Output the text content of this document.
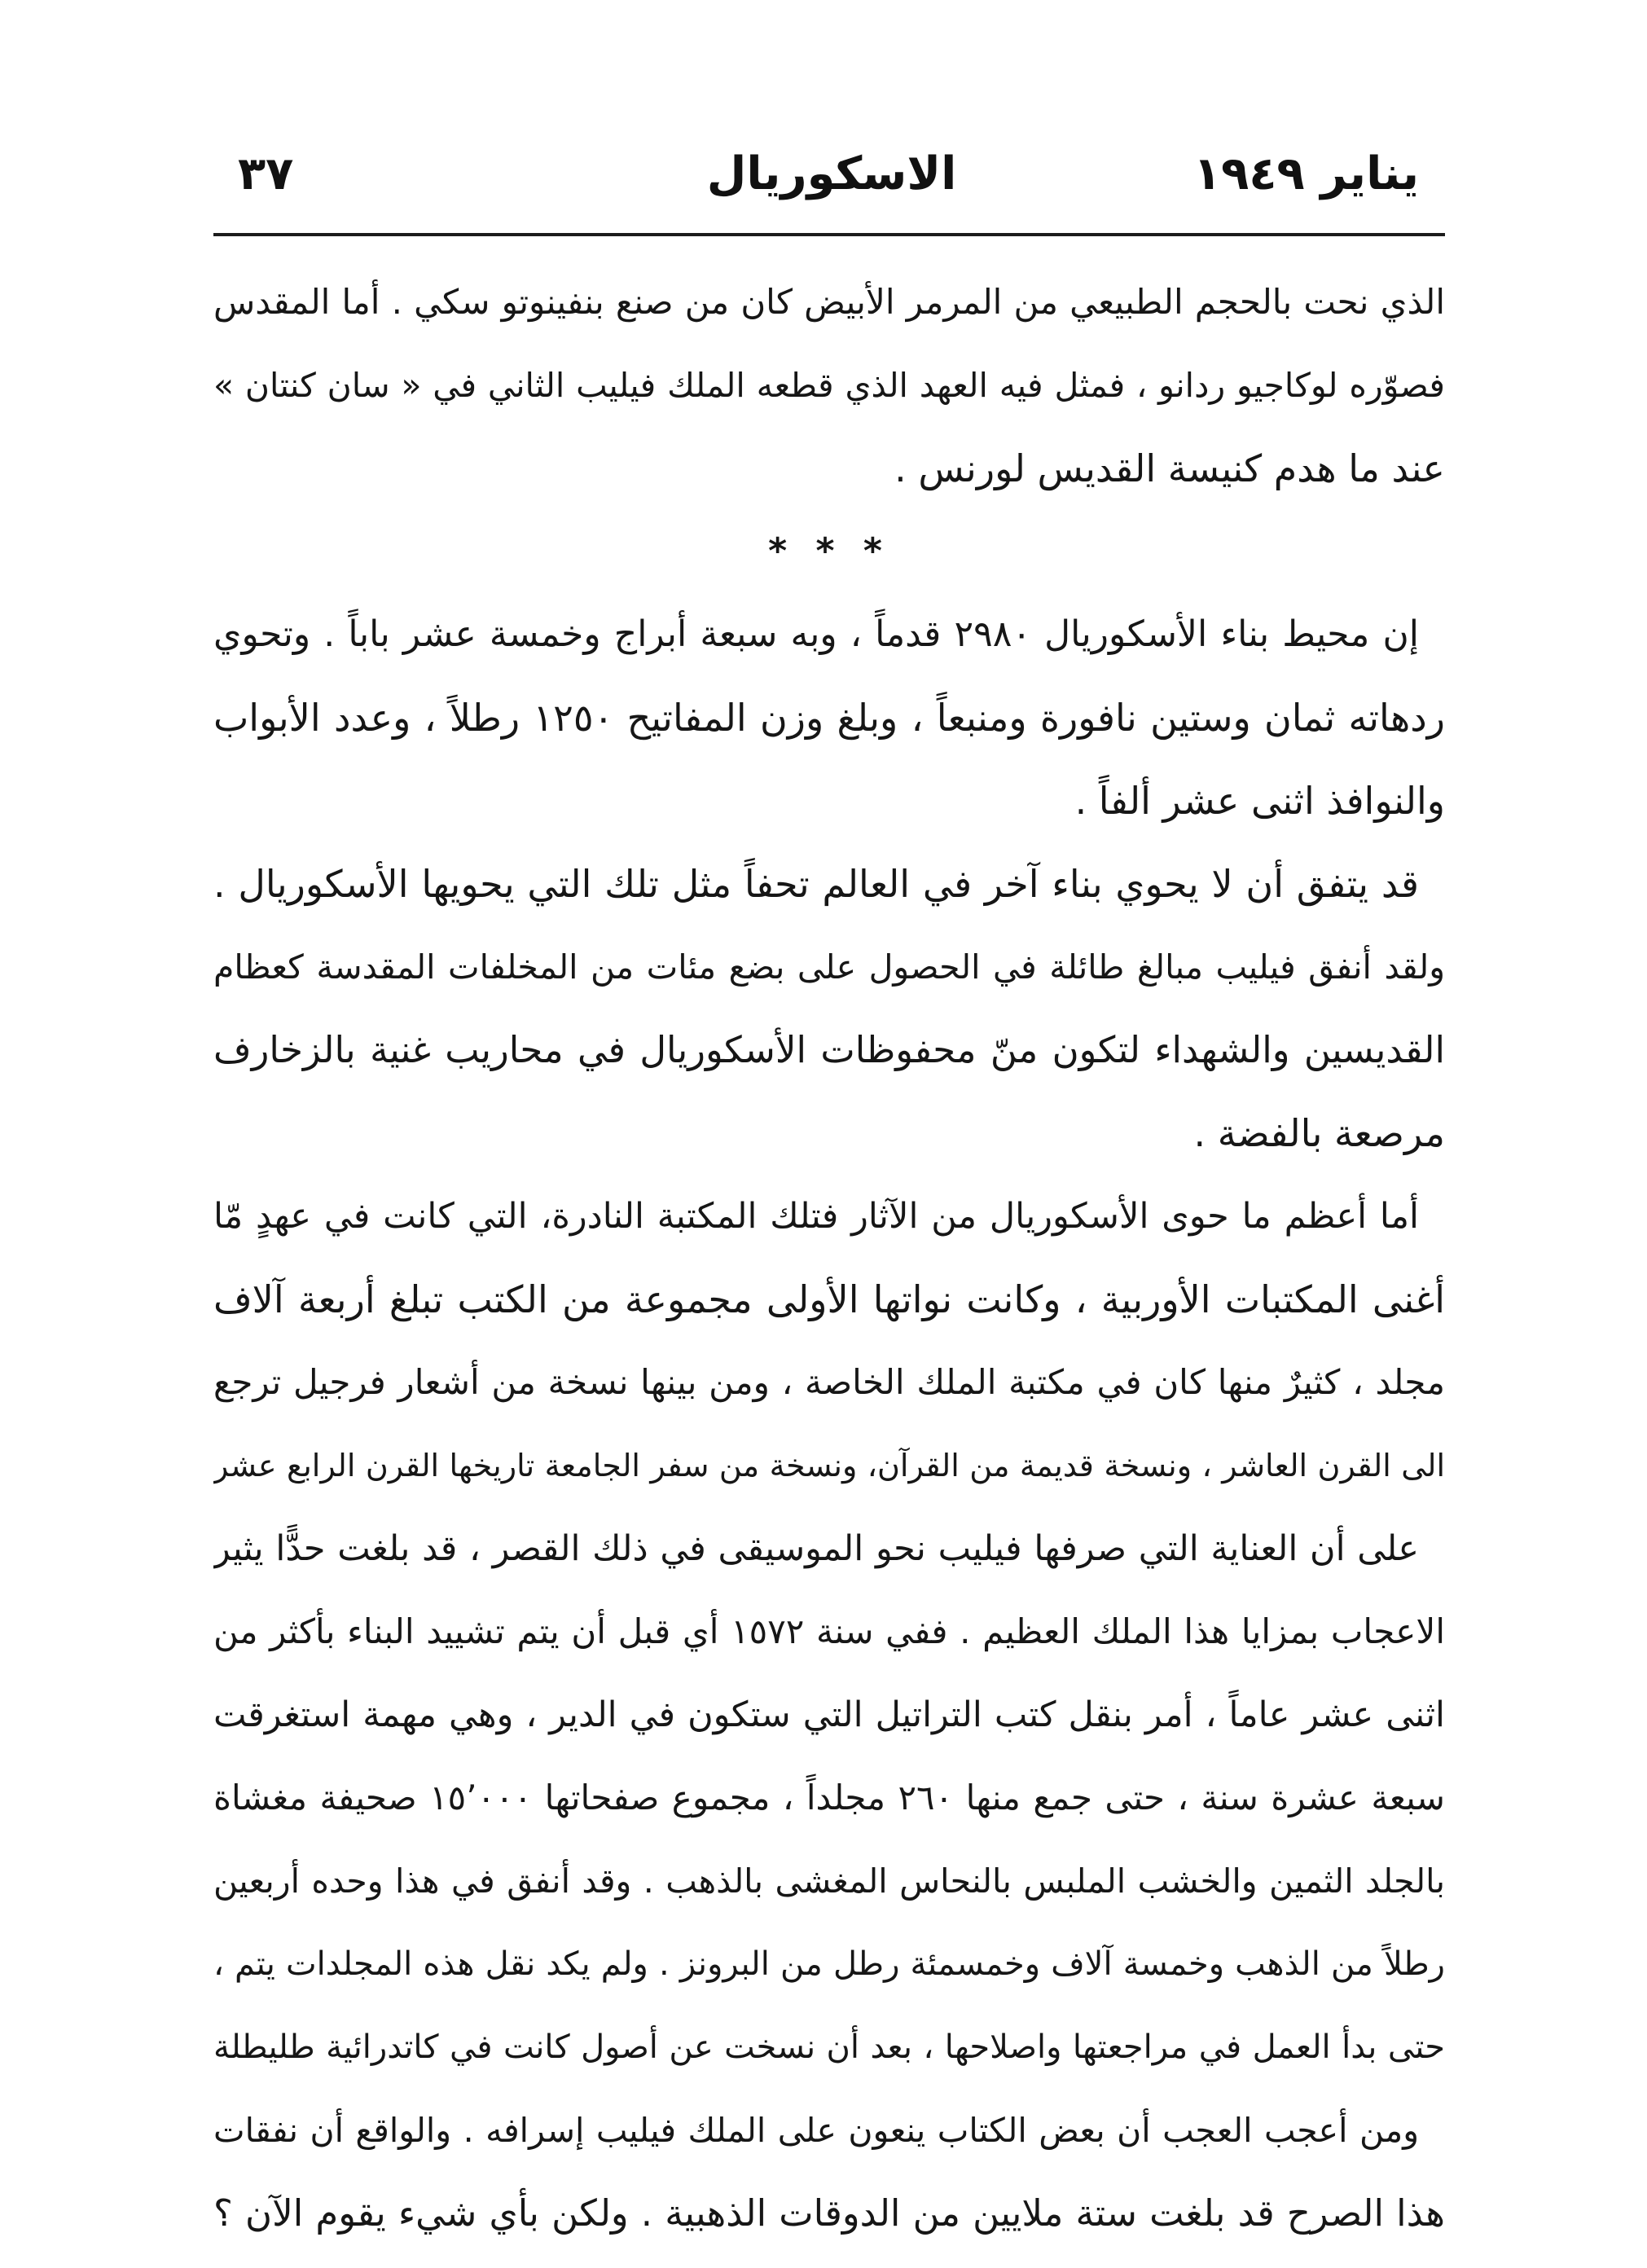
يناير ١٩٤٩
الاسكوريال
٣٧
الذي نحت بالحجم الطبيعي من المرمر الأبيض كان من صنع بنفينوتو سكي . أما المقدس
فصوّره لوكاجيو ردانو ، فمثل فيه العهد الذي قطعه الملك فيليب الثاني في « سان كنتان »
عند ما هدم كنيسة القديس لورنس .
* * *
إن محيط بناء الأسكوريال ٢٩٨٠ قدماً ، وبه سبعة أبراج وخمسة عشر باباً . وتحوي
ردهاته ثمان وستين نافورة ومنبعاً ، وبلغ وزن المفاتيح ١٢٥٠ رطلاً ، وعدد الأبواب
والنوافذ اثنى عشر ألفاً .
قد يتفق أن لا يحوي بناء آخر في العالم تحفاً مثل تلك التي يحويها الأسكوريال .
ولقد أنفق فيليب مبالغ طائلة في الحصول على بضع مئات من المخلفات المقدسة كعظام
القديسين والشهداء لتكون منّ محفوظات الأسكوريال في محاريب غنية بالزخارف
مرصعة بالفضة .
أما أعظم ما حوى الأسكوريال من الآثار فتلك المكتبة النادرة، التي كانت في عهدٍ مّا
أغنى المكتبات الأوربية ، وكانت نواتها الأولى مجموعة من الكتب تبلغ أربعة آلاف
مجلد ، كثيرٌ منها كان في مكتبة الملك الخاصة ، ومن بينها نسخة من أشعار فرجيل ترجع
الى القرن العاشر ، ونسخة قديمة من القرآن، ونسخة من سفر الجامعة تاريخها القرن الرابع عشر
على أن العناية التي صرفها فيليب نحو الموسيقى في ذلك القصر ، قد بلغت حدًّا يثير
الاعجاب بمزايا هذا الملك العظيم . ففي سنة ١٥٧٢ أي قبل أن يتم تشييد البناء بأكثر من
اثنى عشر عاماً ، أمر بنقل كتب التراتيل التي ستكون في الدير ، وهي مهمة استغرقت
سبعة عشرة سنة ، حتى جمع منها ٢٦٠ مجلداً ، مجموع صفحاتها ١٥٬٠٠٠ صحيفة مغشاة
بالجلد الثمين والخشب الملبس بالنحاس المغشى بالذهب . وقد أنفق في هذا وحده أربعين
رطلاً من الذهب وخمسة آلاف وخمسمئة رطل من البرونز . ولم يكد نقل هذه المجلدات يتم ،
حتى بدأ العمل في مراجعتها واصلاحها ، بعد أن نسخت عن أصول كانت في كاتدرائية طليطلة
ومن أعجب العجب أن بعض الكتاب ينعون على الملك فيليب إسرافه . والواقع أن نفقات
هذا الصرح قد بلغت ستة ملايين من الدوقات الذهبية . ولكن بأي شيء يقوم الآن ؟
